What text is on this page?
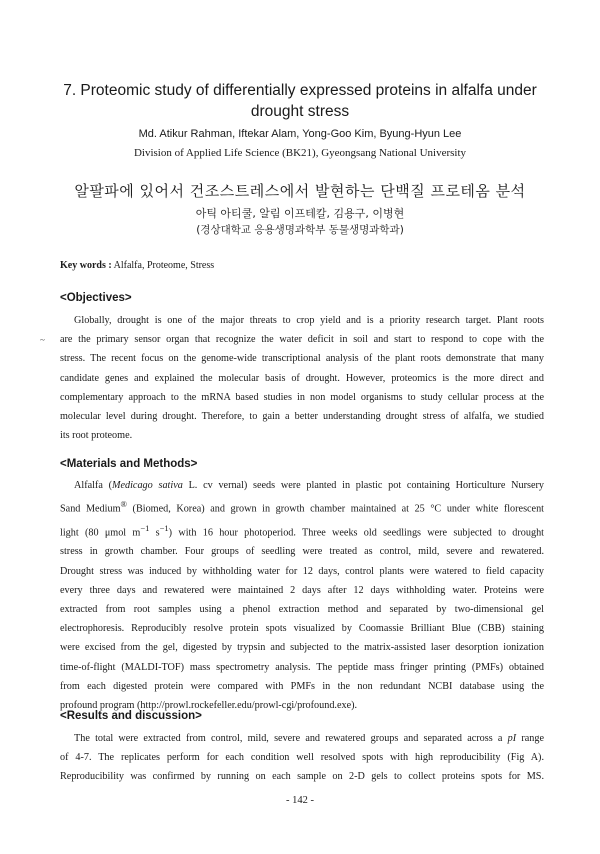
7. Proteomic study of differentially expressed proteins in alfalfa under
drought stress
Md. Atikur Rahman, Iftekar Alam, Yong-Goo Kim, Byung-Hyun Lee
Division of Applied Life Science (BK21), Gyeongsang National University
알팔파에 있어서 건조스트레스에서 발현하는 단백질 프로테옴 분석
아틱 아티쿨, 알림 이프테칼, 김용구, 이병현
(경상대학교 응용생명과학부 동물생명과학과)
Key words : Alfalfa, Proteome, Stress
~
<Objectives>
Globally, drought is one of the major threats to crop yield and is a priority research target. Plant roots
are the primary sensor organ that recognize the water deficit in soil and start to respond to cope with the
stress. The recent focus on the genome-wide transcriptional analysis of the plant roots demonstrate that many
candidate genes and explained the molecular basis of drought. However, proteomics is the more direct and
complementary approach to the mRNA based studies in non model organisms to study cellular process at the
molecular level during drought. Therefore, to gain a better understanding drought stress of alfalfa, we studied
its root proteome.
<Materials and Methods>
Alfalfa (Medicago sativa L. cv vernal) seeds were planted in plastic pot containing Horticulture Nursery
Sand Medium® (Biomed, Korea) and grown in growth chamber maintained at 25 °C under white florescent
light (80 μmol $m^{-1}$ $s^{-1}$) with 16 hour photoperiod. Three weeks old seedlings were subjected to drought
stress in growth chamber. Four groups of seedling were treated as control, mild, severe and rewatered.
Drought stress was induced by withholding water for 12 days, control plants were watered to field capacity
every three days and rewatered were maintained 2 days after 12 days withholding water. Proteins were
extracted from root samples using a phenol extraction method and separated by two-dimensional gel
electrophoresis. Reproducibly resolve protein spots visualized by Coomassie Brilliant Blue (CBB) staining
were excised from the gel, digested by trypsin and subjected to the matrix-assisted laser desorption ionization
time-of-flight (MALDI-TOF) mass spectrometry analysis. The peptide mass fringer printing (PMFs) obtained
from each digested protein were compared with PMFs in the non redundant NCBI database using the
profound program (http://prowl.rockefeller.edu/prowl-cgi/profound.exe).
<Results and discussion>
The total were extracted from control, mild, severe and rewatered groups and separated across a pI range
of 4-7. The replicates perform for each condition well resolved spots with high reproducibility (Fig A).
Reproducibility was confirmed by running on each sample on 2-D gels to collect proteins spots for MS.
- 142 -
